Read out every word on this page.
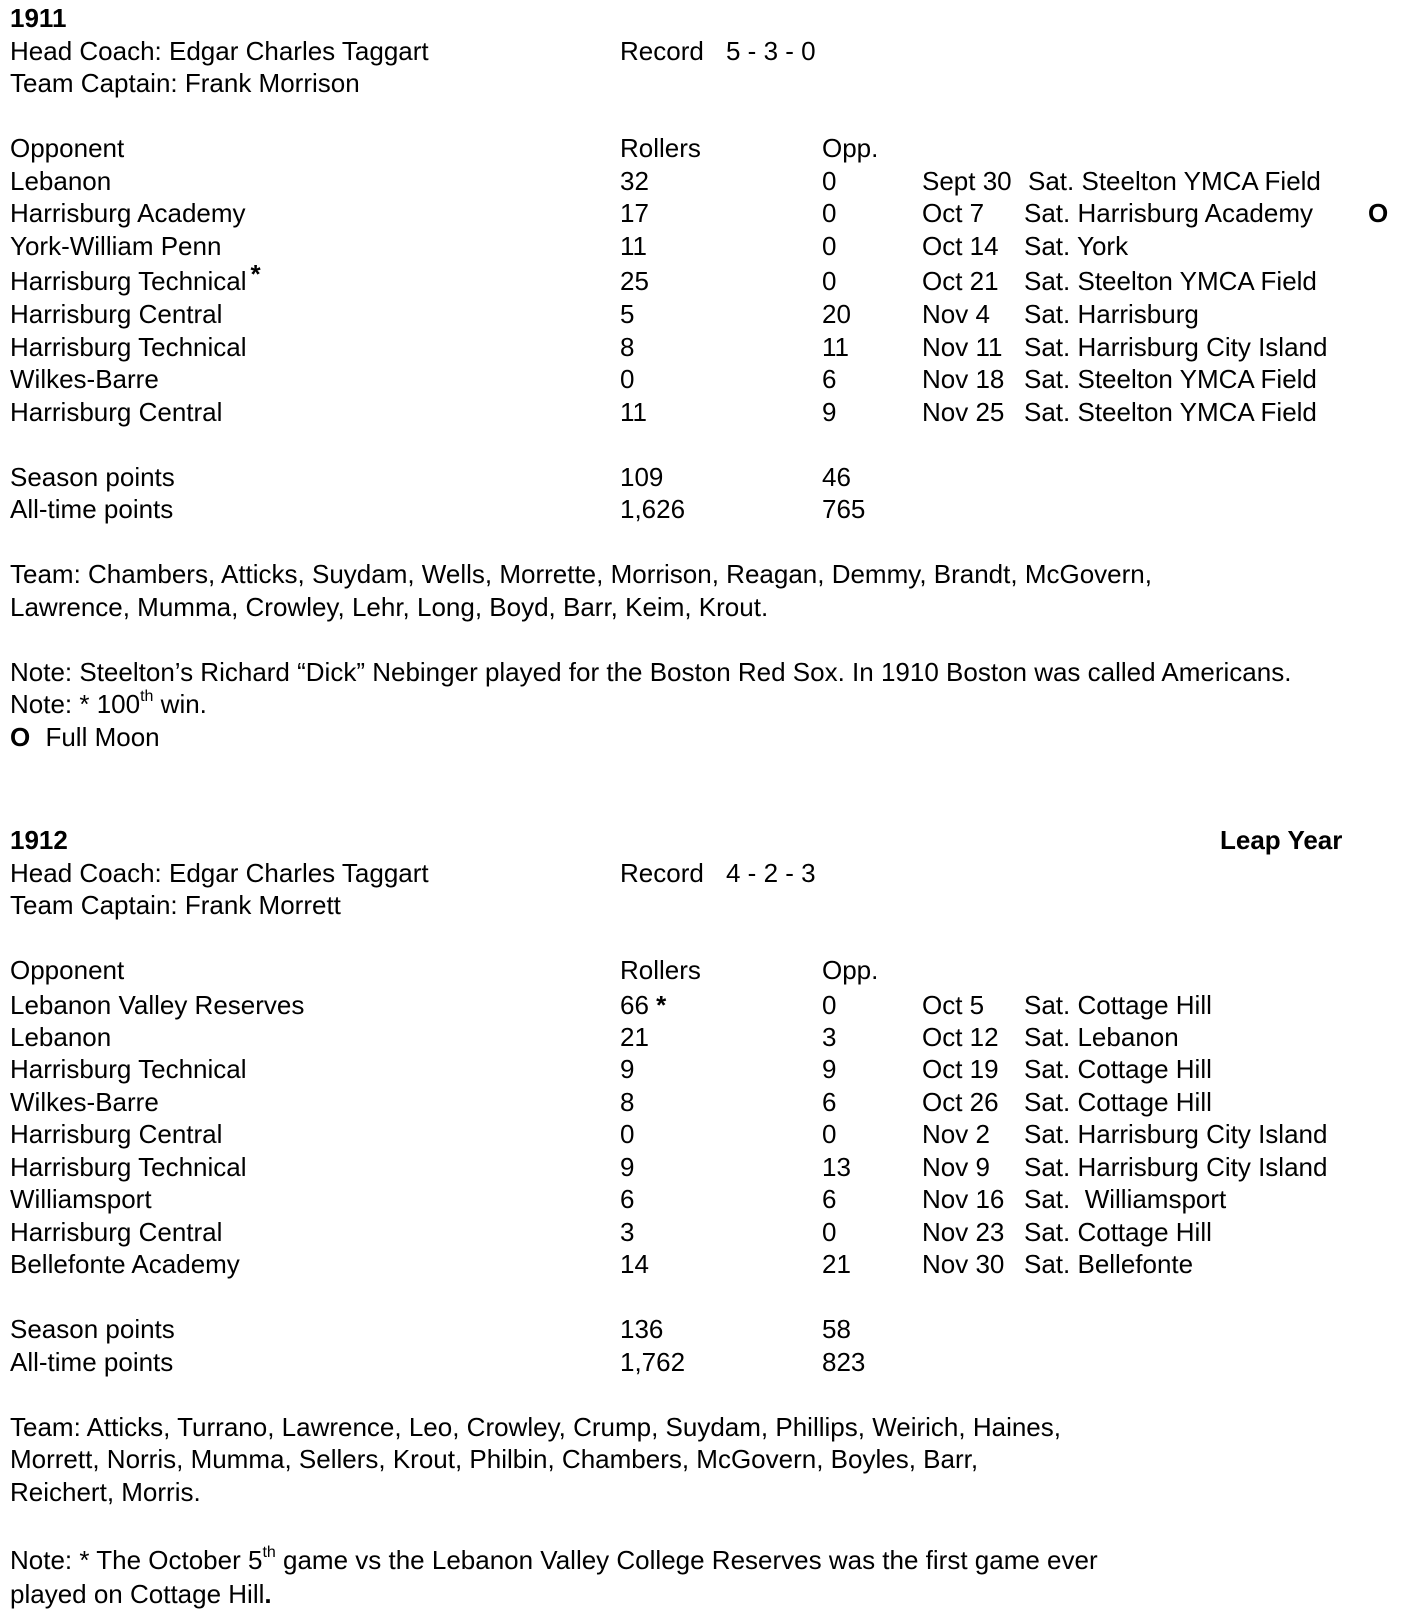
1911
Head Coach: Edgar Charles Taggart	Record 5 - 3 - 0
Team Captain: Frank Morrison
Opponent	Rollers	Opp.
Lebanon	32	0	Sept 30 Sat. Steelton YMCA Field
Harrisburg Academy	17	0	Oct 7 Sat. Harrisburg Academy O
York-William Penn	11	0	Oct 14 Sat. York
Harrisburg Technical *	25	0	Oct 21 Sat. Steelton YMCA Field
Harrisburg Central	5	20	Nov 4 Sat. Harrisburg
Harrisburg Technical	8	11	Nov 11 Sat. Harrisburg City Island
Wilkes-Barre	0	6	Nov 18 Sat. Steelton YMCA Field
Harrisburg Central	11	9	Nov 25 Sat. Steelton YMCA Field
Season points	109	46
All-time points	1,626	765
Team: Chambers, Atticks, Suydam, Wells, Morrette, Morrison, Reagan, Demmy, Brandt, McGovern,
Lawrence, Mumma, Crowley, Lehr, Long, Boyd, Barr, Keim, Krout.
Note: Steelton’s Richard “Dick” Nebinger played for the Boston Red Sox. In 1910 Boston was called Americans.
Note: * 100th win.
O Full Moon
1912	Leap Year
Head Coach: Edgar Charles Taggart	Record 4 - 2 - 3
Team Captain: Frank Morrett
Opponent	Rollers	Opp.
Lebanon Valley Reserves	66 *	0	Oct 5 Sat. Cottage Hill
Lebanon	21	3	Oct 12 Sat. Lebanon
Harrisburg Technical	9	9	Oct 19 Sat. Cottage Hill
Wilkes-Barre	8	6	Oct 26 Sat. Cottage Hill
Harrisburg Central	0	0	Nov 2 Sat. Harrisburg City Island
Harrisburg Technical	9	13	Nov 9 Sat. Harrisburg City Island
Williamsport	6	6	Nov 16 Sat.  Williamsport
Harrisburg Central	3	0	Nov 23 Sat. Cottage Hill
Bellefonte Academy	14	21	Nov 30 Sat. Bellefonte
Season points	136	58
All-time points	1,762	823
Team: Atticks, Turrano, Lawrence, Leo, Crowley, Crump, Suydam, Phillips, Weirich, Haines,
Morrett, Norris, Mumma, Sellers, Krout, Philbin, Chambers, McGovern, Boyles, Barr,
Reichert, Morris.
Note: * The October 5th game vs the Lebanon Valley College Reserves was the first game ever
played on Cottage Hill.
